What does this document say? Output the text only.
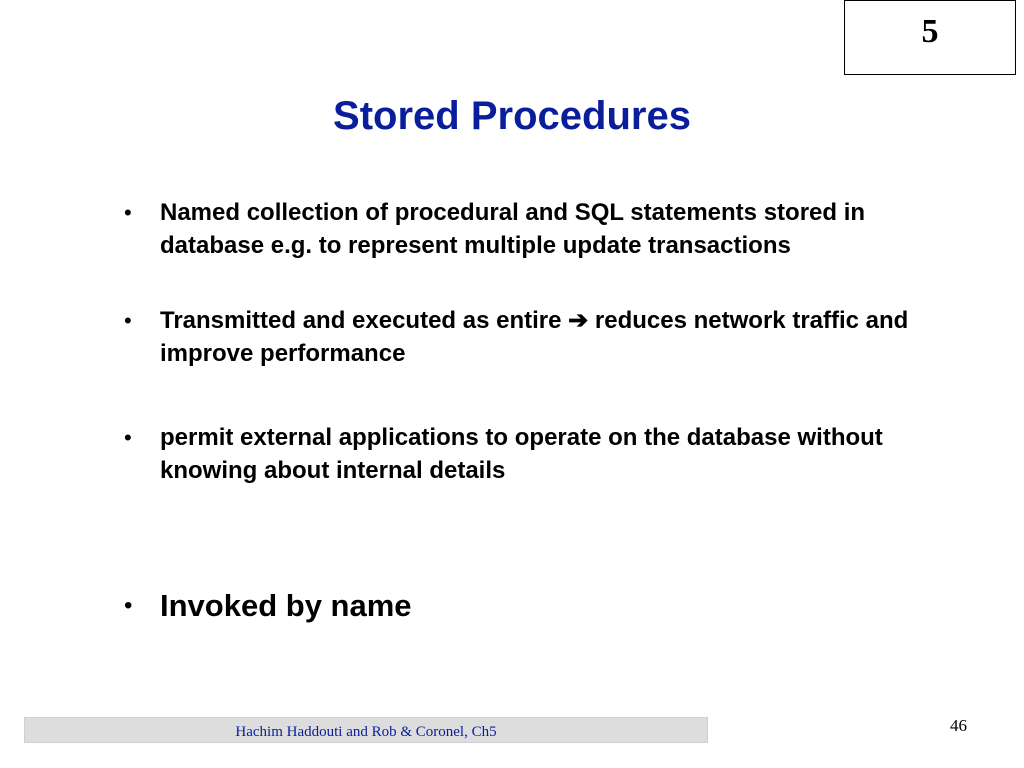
5
Stored Procedures
•	Named collection of procedural and SQL statements stored in database e.g. to represent multiple update transactions
•	Transmitted and executed as entire ➔ reduces network traffic and improve performance
•	permit external applications to operate on the database without knowing about internal details
• Invoked by name
Hachim Haddouti and Rob & Coronel, Ch5	46
